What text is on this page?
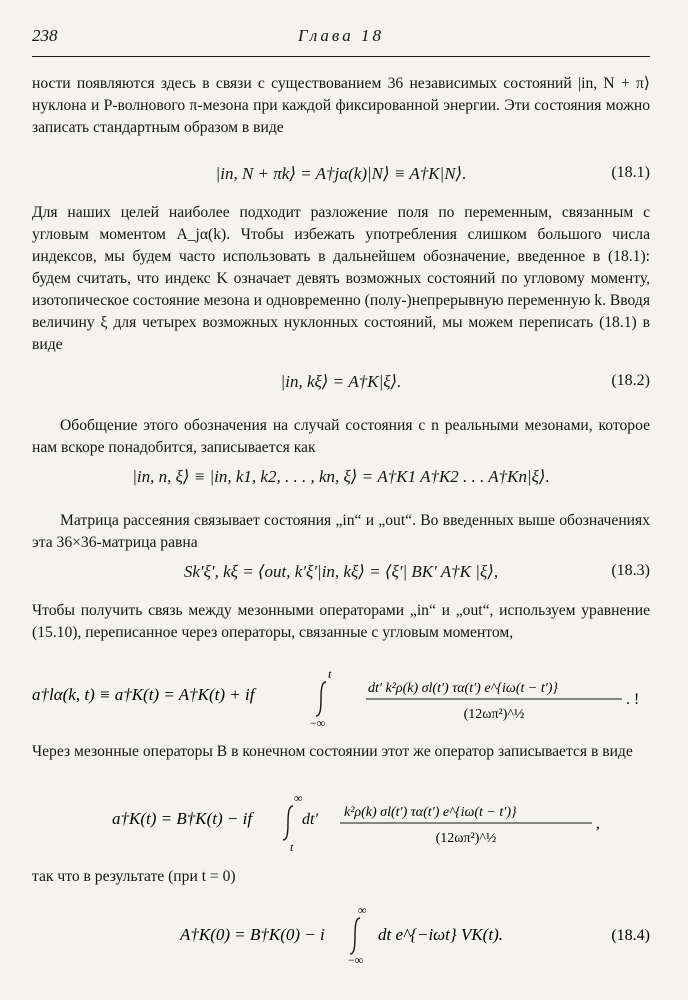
238	Глава 18

ности появляются здесь в связи с существованием 36 независимых состояний |in, N + π⟩ нуклона и P-волнового π-мезона при каждой фиксированной энергии. Эти состояния можно записать стандартным образом в виде

|in, N + πk⟩ = A†jα(k)|N⟩ ≡ A†K|N⟩.	(18.1)

Для наших целей наиболее подходит разложение поля по переменным, связанным с угловым моментом A_jα(k). Чтобы избежать употребления слишком большого числа индексов, мы будем часто использовать в дальнейшем обозначение, введенное в (18.1): будем считать, что индекс K означает девять возможных состояний по угловому моменту, изотопическое состояние мезона и одновременно (полу-)непрерывную переменную k. Вводя величину ξ для четырех возможных нуклонных состояний, мы можем переписать (18.1) в виде

|in, kξ⟩ = A†K|ξ⟩.	(18.2)

Обобщение этого обозначения на случай состояния с n реальными мезонами, которое нам вскоре понадобится, записывается как

|in, n, ξ⟩ ≡ |in, k1, k2, . . . , kn, ξ⟩ = A†K1 A†K2 . . . A†Kn|ξ⟩.

Матрица рассеяния связывает состояния „in“ и „out“. Во введенных выше обозначениях эта 36×36-матрица равна

Sk′ξ′, kξ = ⟨out, k′ξ′|in, kξ⟩ = ⟨ξ′| BK′ A†K |ξ⟩,	(18.3)

Чтобы получить связь между мезонными операторами „in“ и „out“, используем уравнение (15.10), переписанное через операторы, связанные с угловым моментом,

a†lα(k, t) ≡ a†K(t) = A†K(t) + if
t
−∞
dt′ k²ρ(k) σl(t′) τα(t′) e^{iω(t − t′)}
(12ωπ²)^½
. !

Через мезонные операторы B в конечном состоянии этот же оператор записывается в виде

a†K(t) = B†K(t) − if
∞
t
dt′ k²ρ(k) σl(t′) τα(t′) e^{iω(t − t′)}
(12ωπ²)^½
,

так что в результате (при t = 0)

A†K(0) = B†K(0) − i
∞
−∞
dt e^{−iωt} VK(t).	(18.4)
